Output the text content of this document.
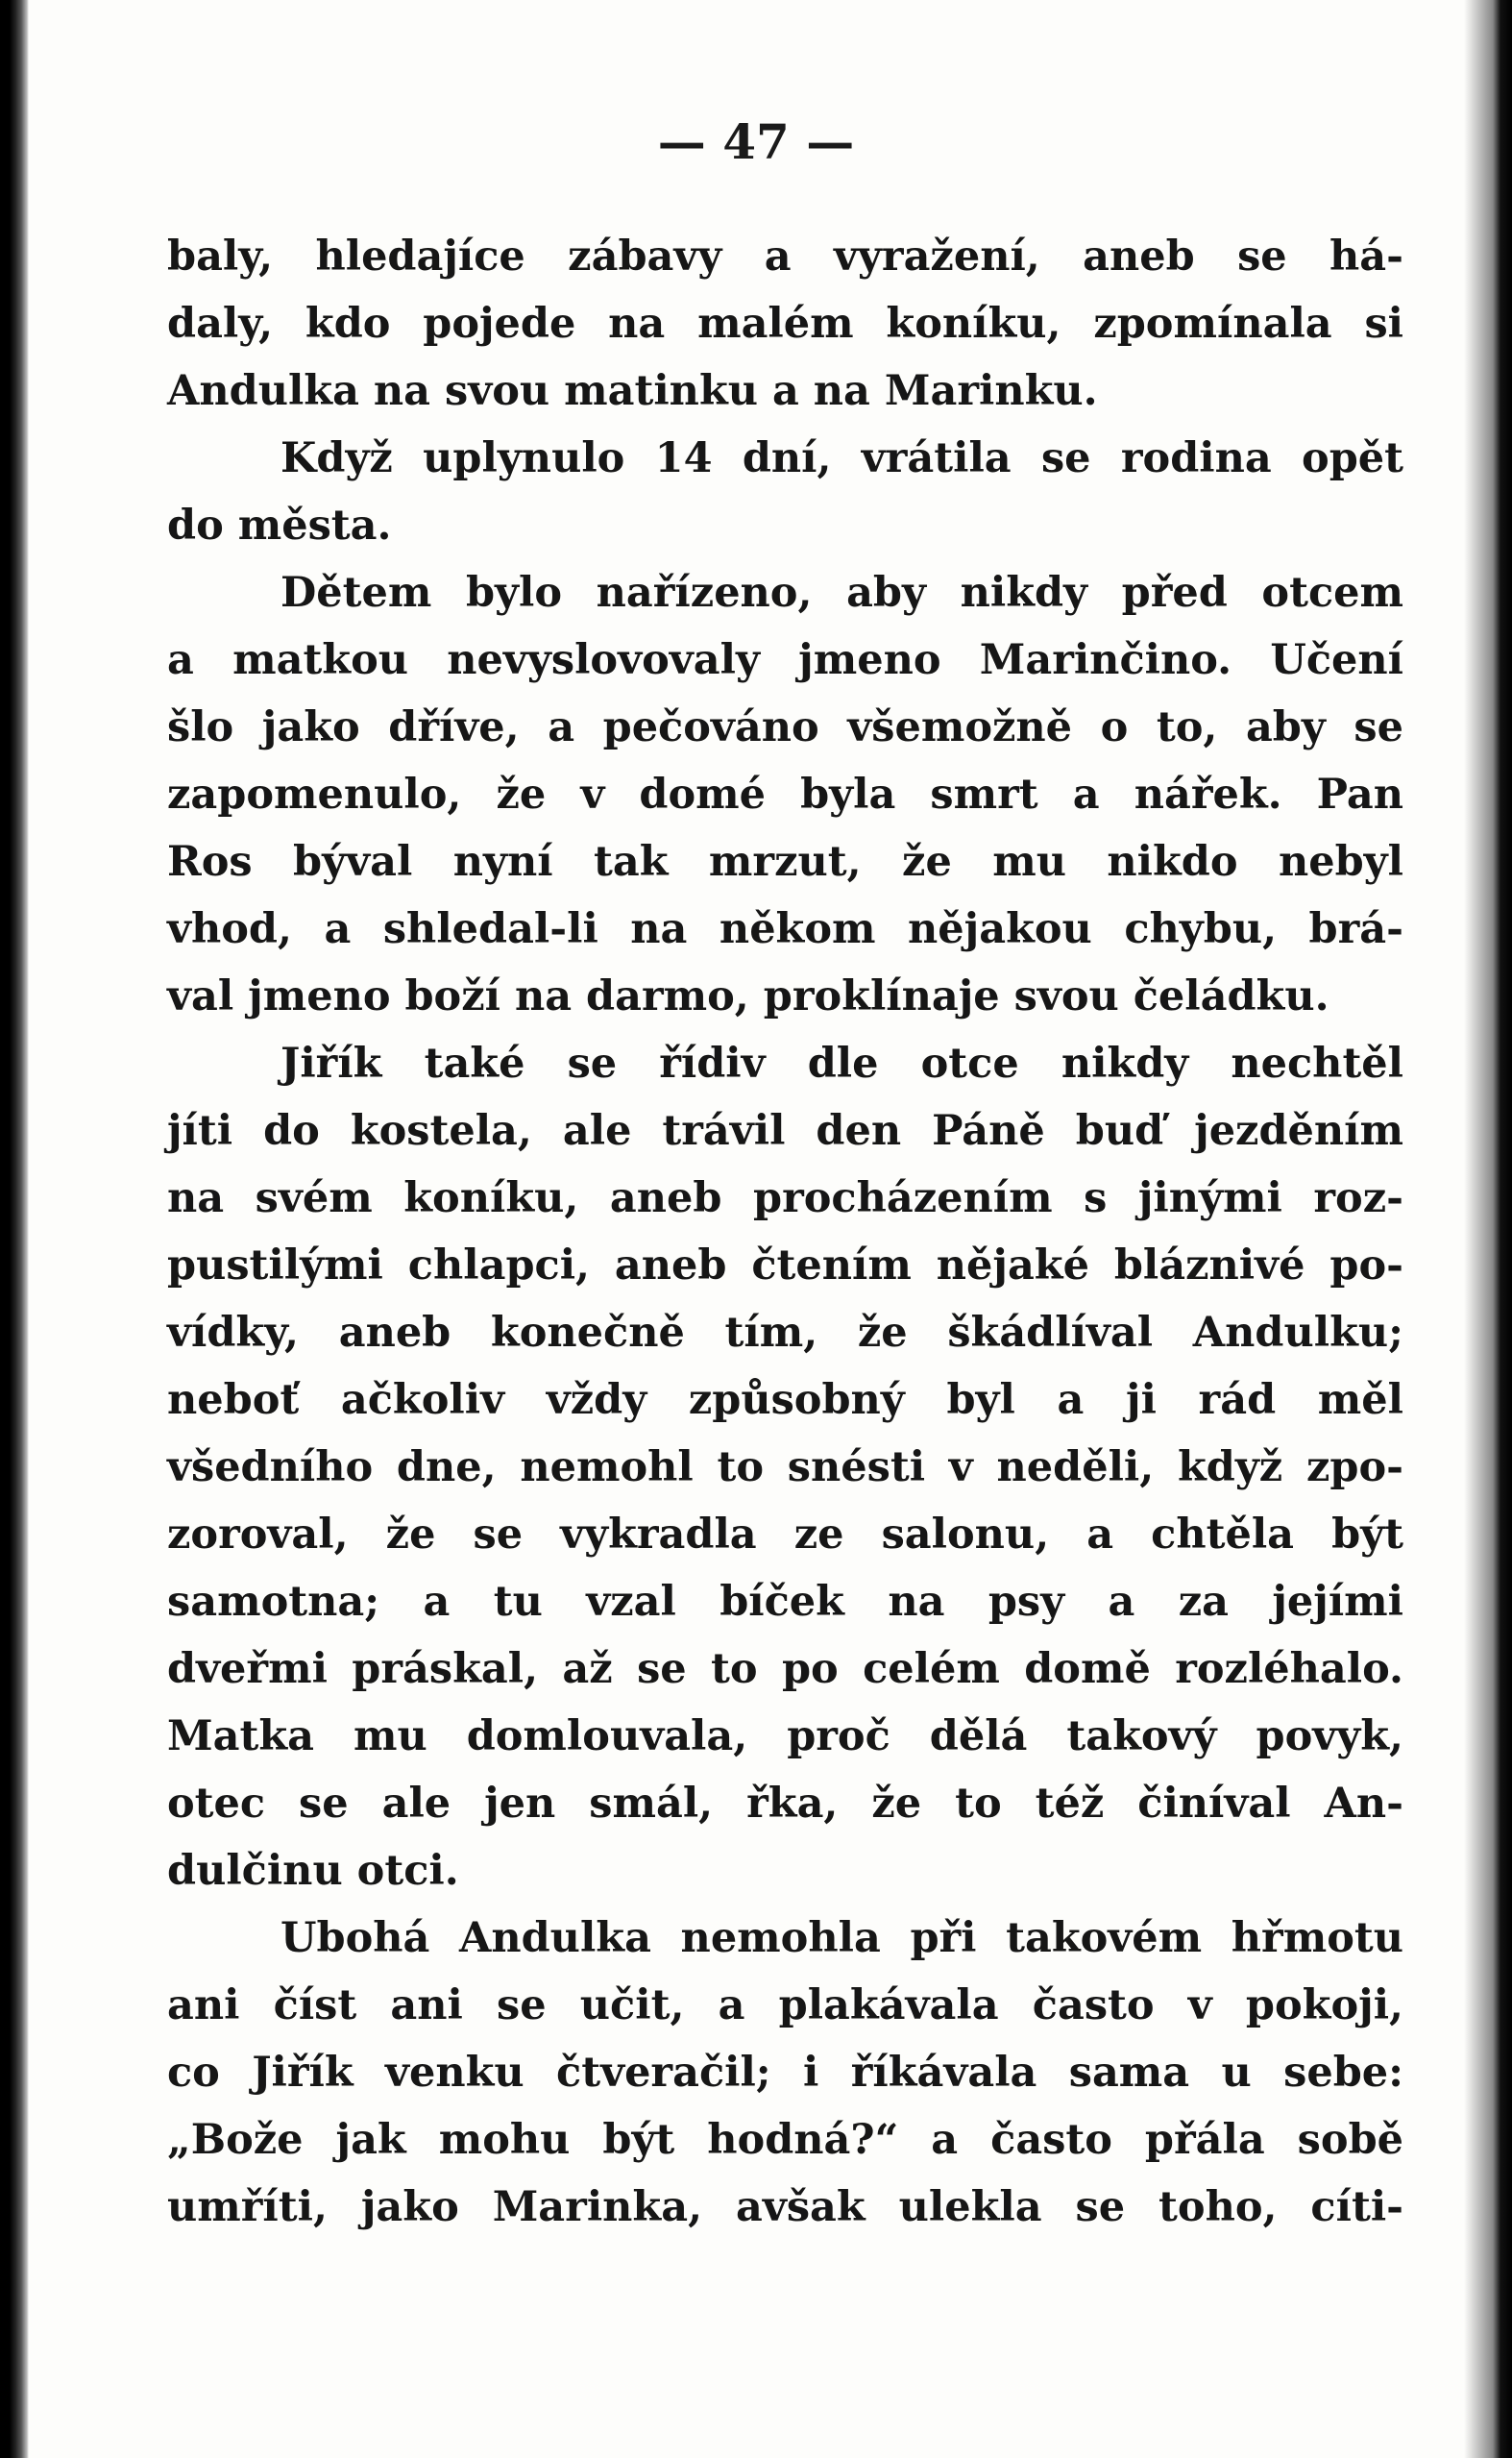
— 47 —
baly, hledajíce zábavy a vyražení, aneb se há-
daly, kdo pojede na malém koníku, zpomínala si
Andulka na svou matinku a na Marinku.
Když uplynulo 14 dní, vrátila se rodina opět
do města.
Dětem bylo nařízeno, aby nikdy před otcem
a matkou nevyslovovaly jmeno Marinčino. Učení
šlo jako dříve, a pečováno všemožně o to, aby se
zapomenulo, že v domé byla smrt a nářek. Pan
Ros býval nyní tak mrzut, že mu nikdo nebyl
vhod, a shledal-li na někom nějakou chybu, brá-
val jmeno boží na darmo, proklínaje svou čeládku.
Jiřík také se řídiv dle otce nikdy nechtěl
jíti do kostela, ale trávil den Páně buď jezděním
na svém koníku, aneb procházením s jinými roz-
pustilými chlapci, aneb čtením nějaké bláznivé po-
vídky, aneb konečně tím, že škádlíval Andulku;
neboť ačkoliv vždy způsobný byl a ji rád měl
všedního dne, nemohl to snésti v neděli, když zpo-
zoroval, že se vykradla ze salonu, a chtěla být
samotna; a tu vzal bíček na psy a za jejími
dveřmi práskal, až se to po celém domě rozléhalo.
Matka mu domlouvala, proč dělá takový povyk,
otec se ale jen smál, řka, že to též činíval An-
dulčinu otci.
Ubohá Andulka nemohla při takovém hřmotu
ani číst ani se učit, a plakávala často v pokoji,
co Jiřík venku čtveračil; i říkávala sama u sebe:
„Bože jak mohu být hodná?“ a často přála sobě
umříti, jako Marinka, avšak ulekla se toho, cíti-
